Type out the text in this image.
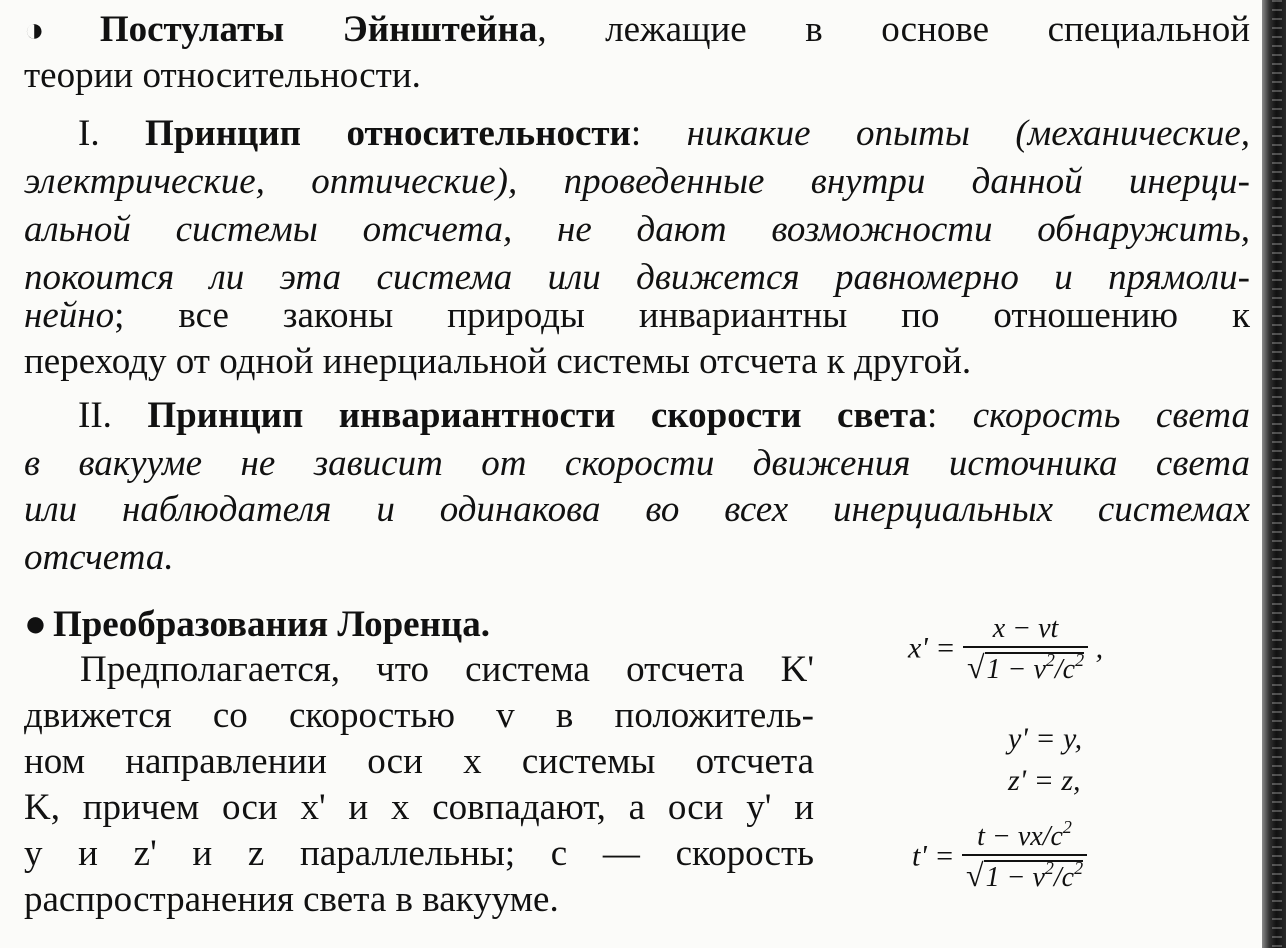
◑ Постулаты Эйнштейна, лежащие в основе специальной
теории относительности.
I. Принцип относительности: никакие опыты (механические,
электрические, оптические), проведенные внутри данной инерци-
альной системы отсчета, не дают возможности обнаружить,
покоится ли эта система или движется равномерно и прямоли-
нейно; все законы природы инвариантны по отношению к
переходу от одной инерциальной системы отсчета к другой.
II. Принцип инвариантности скорости света: скорость света
в вакууме не зависит от скорости движения источника света
или наблюдателя и одинакова во всех инерциальных системах
отсчета.
● Преобразования Лоренца.
Предполагается, что система отсчета K'
движется со скоростью v в положитель-
ном направлении оси x системы отсчета
K, причем оси x' и x совпадают, а оси y' и
y и z' и z параллельны; c — скорость
распространения света в вакууме.
$x' = \frac{x - vt}{√1 - v^2/c^2}$ ,
y' = y,
z' = z,
$t' = \frac{t - vx/c^2}{√1 - v^2/c^2}$
